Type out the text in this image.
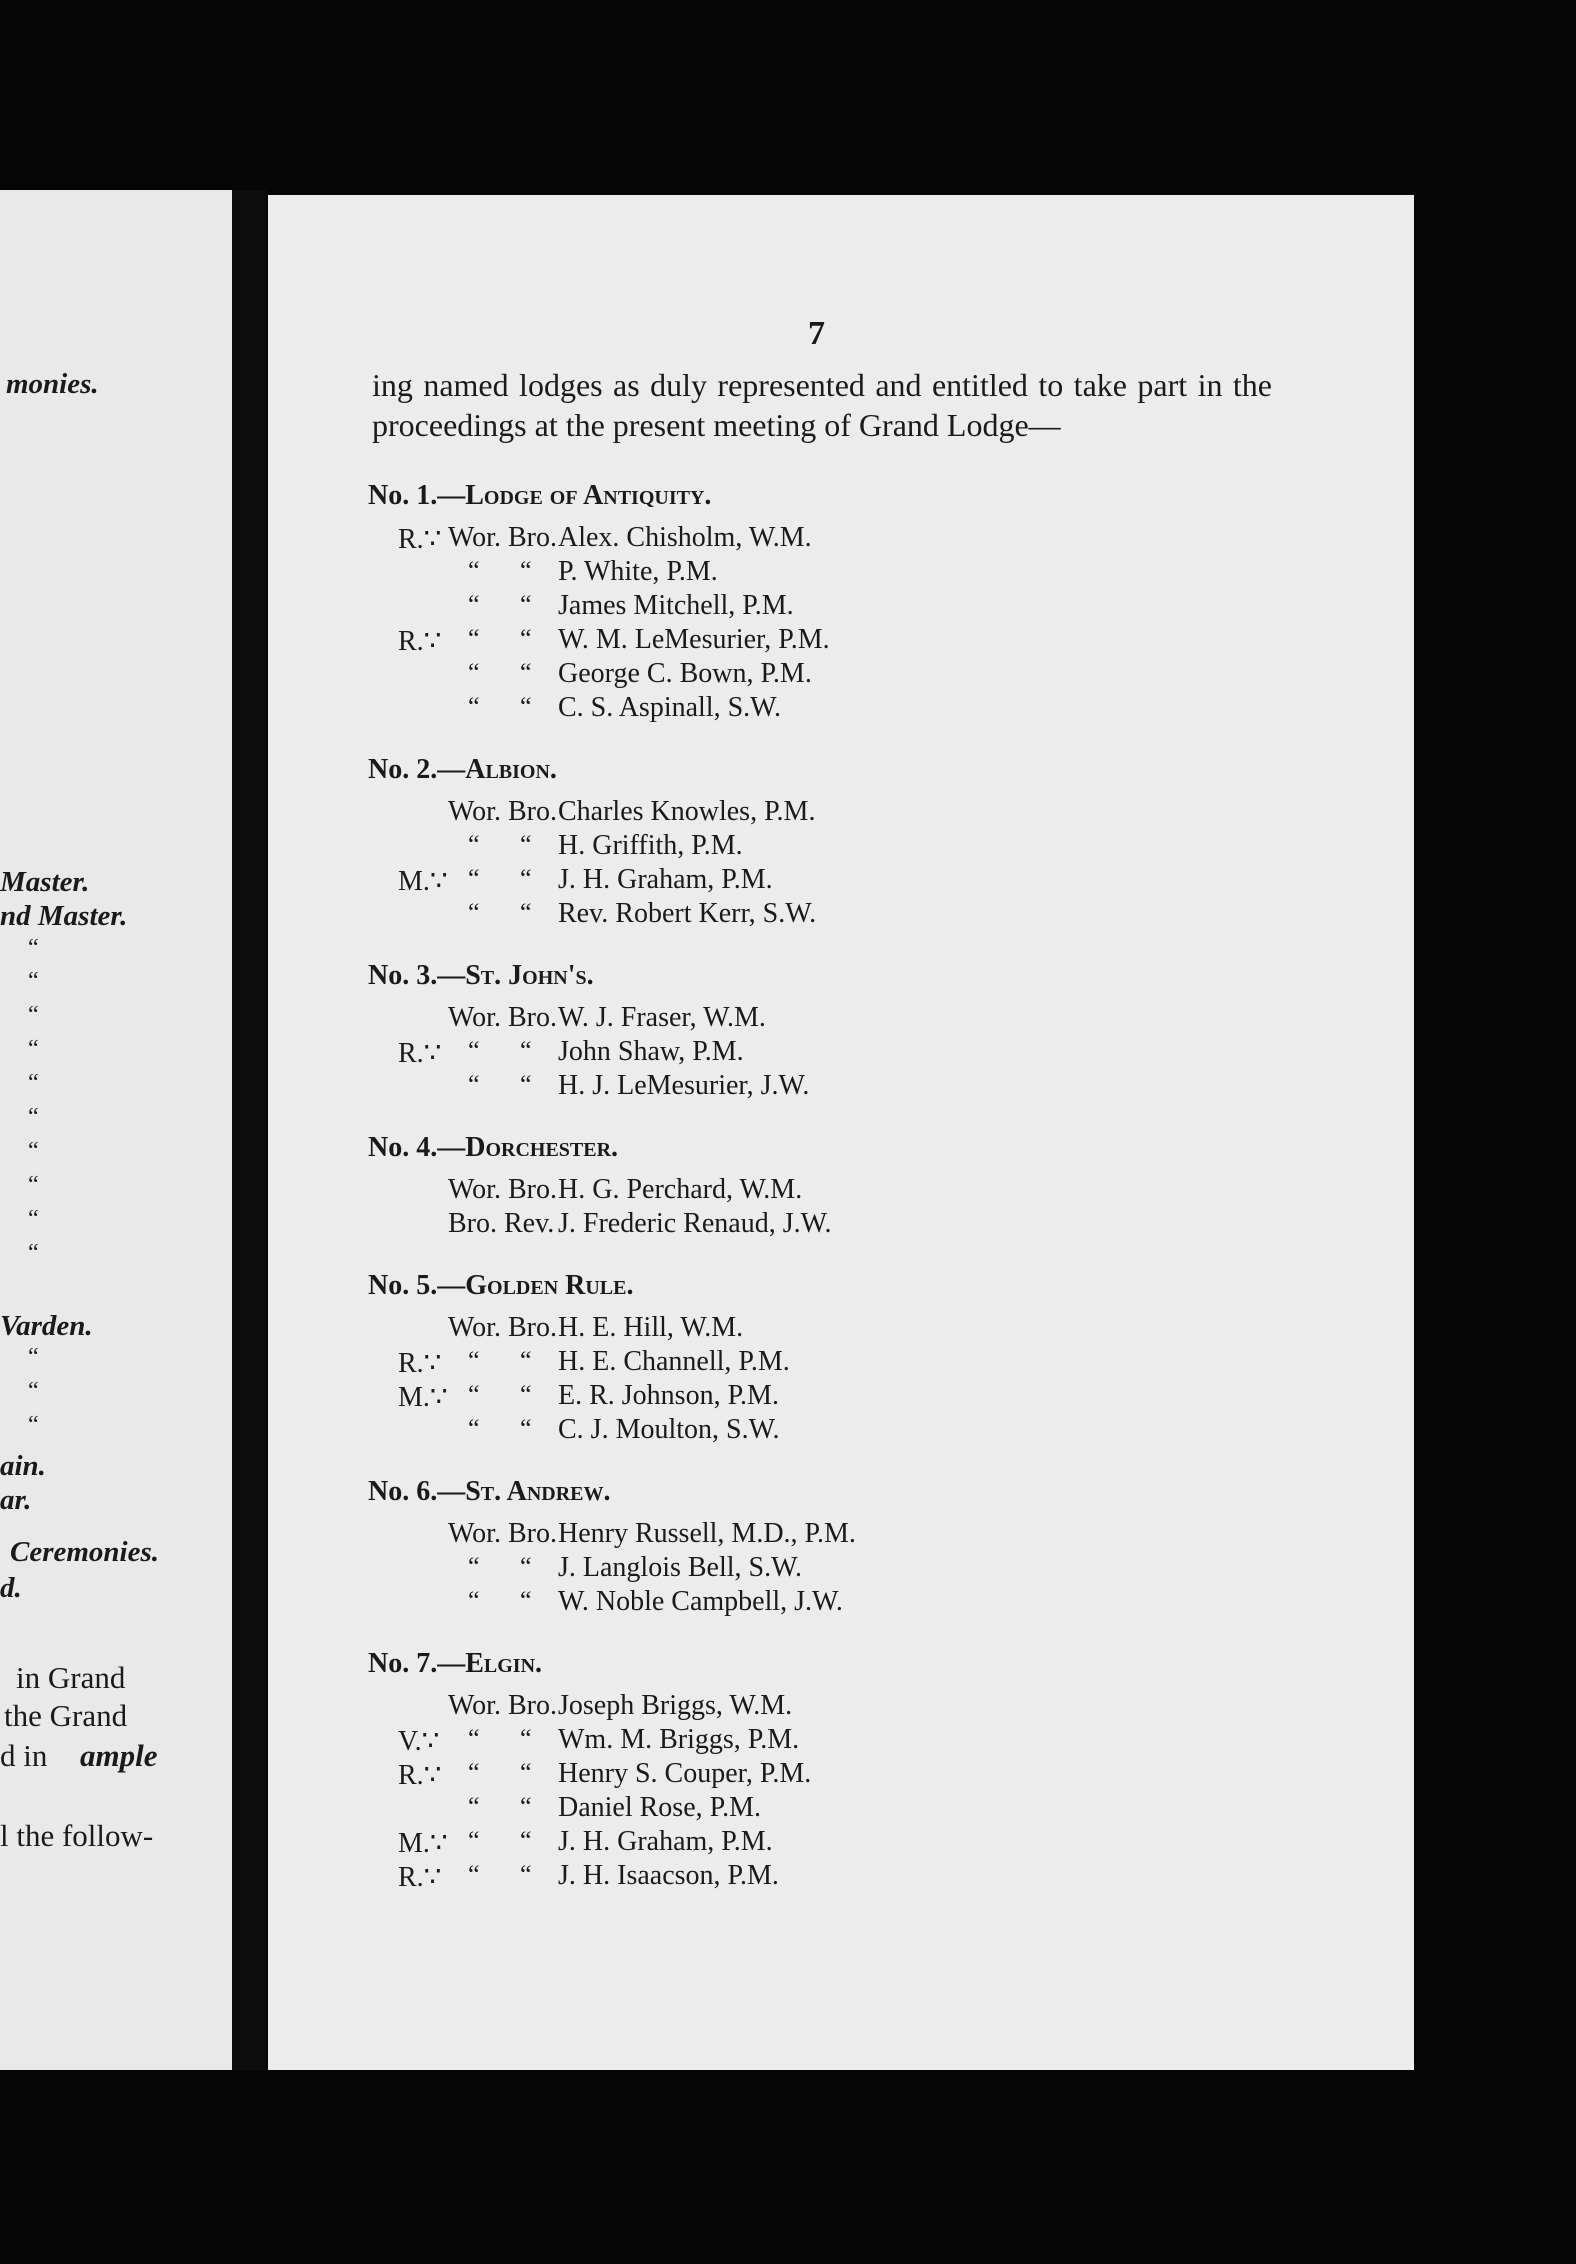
monies.
Master.
nd Master.
“
“
“
“
“
“
“
“
“
“
Varden.
“
“
“
ain.
ar.
Ceremonies.
d.
in Grand
the Grand
d in ample
l the follow-
7
ing named lodges as duly represented and entitled to take part in the proceedings at the present meeting of Grand Lodge—
No. 1.—Lodge of Antiquity.
R.∵ Wor. Bro. Alex. Chisholm, W.M.
“ “ P. White, P.M.
“ “ James Mitchell, P.M.
R.∵ “ “ W. M. LeMesurier, P.M.
“ “ George C. Bown, P.M.
“ “ C. S. Aspinall, S.W.
No. 2.—Albion.
Wor. Bro. Charles Knowles, P.M.
“ “ H. Griffith, P.M.
M.∵ “ “ J. H. Graham, P.M.
“ “ Rev. Robert Kerr, S.W.
No. 3.—St. John's.
Wor. Bro. W. J. Fraser, W.M.
R.∵ “ “ John Shaw, P.M.
“ “ H. J. LeMesurier, J.W.
No. 4.—Dorchester.
Wor. Bro. H. G. Perchard, W.M.
Bro. Rev. J. Frederic Renaud, J.W.
No. 5.—Golden Rule.
Wor. Bro. H. E. Hill, W.M.
R.∵ “ “ H. E. Channell, P.M.
M.∵ “ “ E. R. Johnson, P.M.
“ “ C. J. Moulton, S.W.
No. 6.—St. Andrew.
Wor. Bro. Henry Russell, M.D., P.M.
“ “ J. Langlois Bell, S.W.
“ “ W. Noble Campbell, J.W.
No. 7.—Elgin.
Wor. Bro. Joseph Briggs, W.M.
V.∵ “ “ Wm. M. Briggs, P.M.
R.∵ “ “ Henry S. Couper, P.M.
“ “ Daniel Rose, P.M.
M.∵ “ “ J. H. Graham, P.M.
R.∵ “ “ J. H. Isaacson, P.M.
